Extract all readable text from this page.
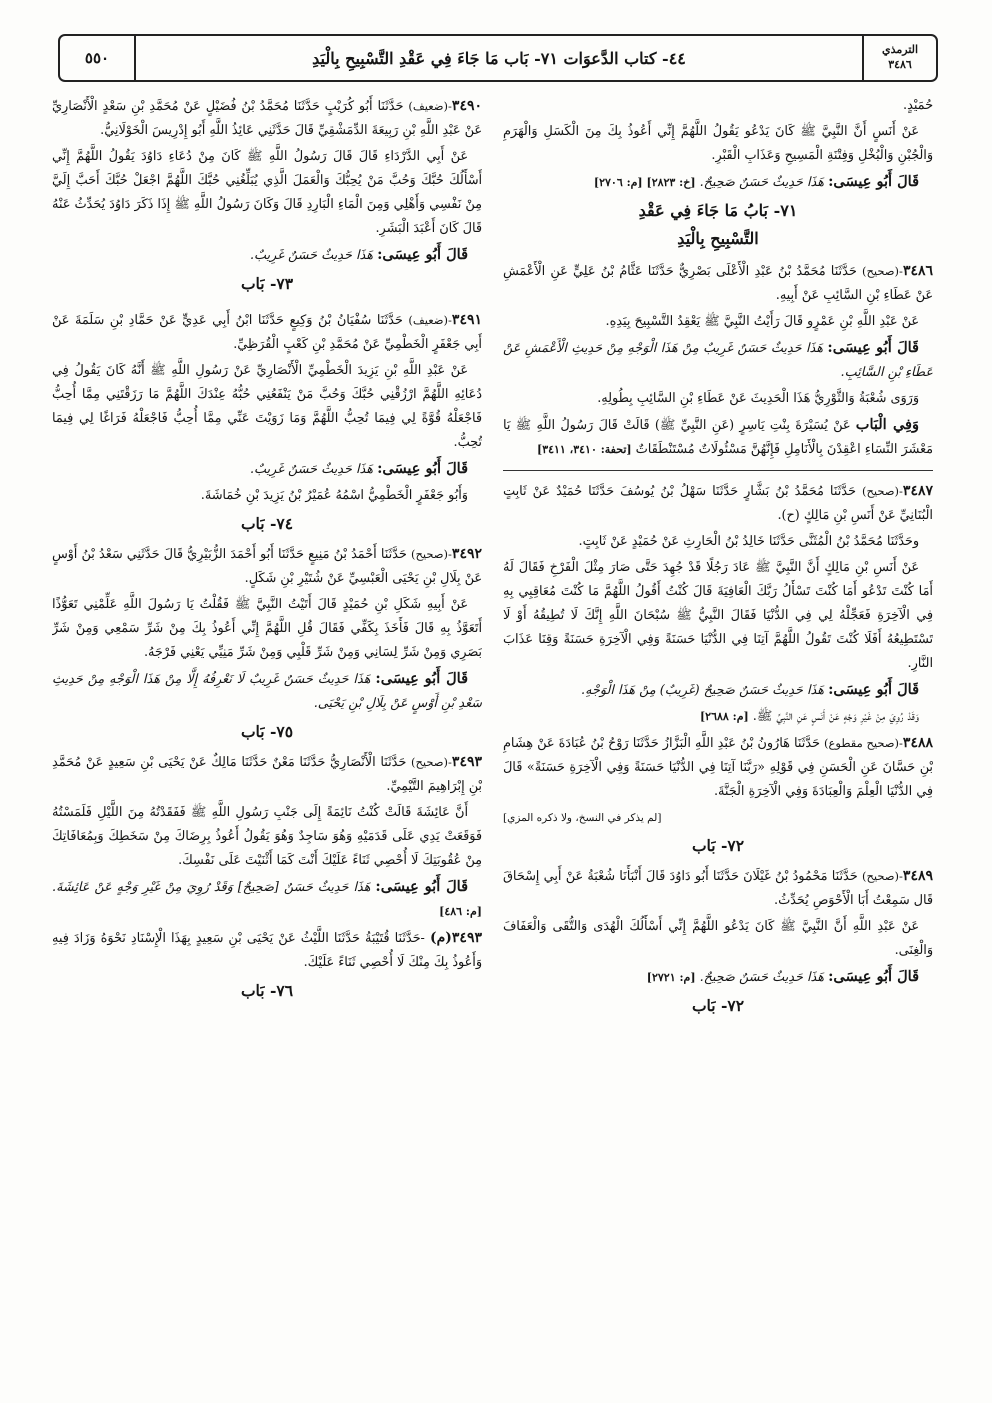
الترمذي
٣٤٨٦
٤٤- كتاب الدَّعوَات ٧١- بَاب مَا جَاءَ فِي عَقْدِ التَّسْبِيحِ بِالْيَدِ
٥٥٠

حُمَيْدٍ.

عَنْ أَنَسٍ أَنَّ النَّبِيَّ ﷺ كَانَ يَدْعُو يَقُولُ اللَّهُمَّ إِنِّي أَعُوذُ بِكَ مِنَ الْكَسَلِ وَالْهَرَمِ وَالْجُبْنِ وَالْبُخْلِ وَفِتْنَةِ الْمَسِيحِ وَعَذَابِ الْقَبْرِ.

قَالَ أَبُو عِيسَى: هَذَا حَدِيثٌ حَسَنٌ صَحِيحٌ. [خ: ٢٨٢٣] [م: ٢٧٠٦]

٧١- بَابُ مَا جَاءَ فِي عَقْدِ
التَّسْبِيحِ بِالْيَدِ

٣٤٨٦-(صحيح) حَدَّثَنَا مُحَمَّدُ بْنُ عَبْدِ الْأَعْلَى بَصْرِيٌّ حَدَّثَنَا عَثَّامُ بْنُ عَلِيٍّ عَنِ الْأَعْمَشِ عَنْ عَطَاءِ بْنِ السَّائِبِ عَنْ أَبِيهِ.

عَنْ عَبْدِ اللَّهِ بْنِ عَمْرٍو قَالَ رَأَيْتُ النَّبِيَّ ﷺ يَعْقِدُ التَّسْبِيحَ بِيَدِهِ.

قَالَ أَبُو عِيسَى: هَذَا حَدِيثٌ حَسَنٌ غَرِيبٌ مِنْ هَذَا الْوَجْهِ مِنْ حَدِيثِ الْأَعْمَشِ عَنْ عَطَاءِ بْنِ السَّائِبِ.

وَرَوَى شُعْبَةُ وَالثَّوْرِيُّ هَذَا الْحَدِيثَ عَنْ عَطَاءِ بْنِ السَّائِبِ بِطُولِهِ.

وَفِي الْبَاب عَنْ يُسَيْرَةَ بِنْتِ يَاسِرٍ (عَنِ النَّبِيِّ ﷺ) قَالَتْ قَالَ رَسُولُ اللَّهِ ﷺ يَا مَعْشَرَ النِّسَاءِ اعْقِدْنَ بِالْأَنَامِلِ فَإِنَّهُنَّ مَسْئُولَاتٌ مُسْتَنْطَقَاتٌ [تحفة: ٣٤١٠، ٣٤١١]

٣٤٨٧-(صحيح) حَدَّثَنَا مُحَمَّدُ بْنُ بَشَّارٍ حَدَّثَنَا سَهْلُ بْنُ يُوسُفَ حَدَّثَنَا حُمَيْدٌ عَنْ ثَابِتٍ الْبُنَانِيِّ عَنْ أَنَسِ بْنِ مَالِكٍ (ح).

وحَدَّثَنَا مُحَمَّدُ بْنُ الْمُثَنَّى حَدَّثَنَا خَالِدُ بْنُ الْحَارِثِ عَنْ حُمَيْدٍ عَنْ ثَابِتٍ.

عَنْ أَنَسِ بْنِ مَالِكٍ أَنَّ النَّبِيَّ ﷺ عَادَ رَجُلًا قَدْ جُهِدَ حَتَّى صَارَ مِثْلَ الْفَرْخِ فَقَالَ لَهُ أَمَا كُنْتَ تَدْعُو أَمَا كُنْتَ تَسْأَلُ رَبَّكَ الْعَافِيَةَ قَالَ كُنْتُ أَقُولُ اللَّهُمَّ مَا كُنْتَ مُعَاقِبِي بِهِ فِي الْآخِرَةِ فَعَجِّلْهُ لِي فِي الدُّنْيَا فَقَالَ النَّبِيُّ ﷺ سُبْحَانَ اللَّهِ إِنَّكَ لَا تُطِيقُهُ أَوْ لَا تَسْتَطِيعُهُ أَفَلَا كُنْتَ تَقُولُ اللَّهُمَّ آتِنَا فِي الدُّنْيَا حَسَنَةً وَفِي الْآخِرَةِ حَسَنَةً وَقِنَا عَذَابَ النَّارِ.

قَالَ أَبُو عِيسَى: هَذَا حَدِيثٌ حَسَنٌ صَحِيحٌ (غَرِيبٌ) مِنْ هَذَا الْوَجْهِ.

وَقَدْ رُوِيَ مِنْ غَيْرِ وَجْهٍ عَنْ أَنَسٍ عَنِ النَّبِيِّ ﷺ. [م: ٢٦٨٨]

٣٤٨٨-(صحيح مقطوع) حَدَّثَنَا هَارُونُ بْنُ عَبْدِ اللَّهِ الْبَزَّازُ حَدَّثَنَا رَوْحُ بْنُ عُبَادَةَ عَنْ هِشَامِ بْنِ حَسَّانَ عَنِ الْحَسَنِ فِي قَوْلِهِ «رَبَّنَا آتِنَا فِي الدُّنْيَا حَسَنَةً وَفِي الْآخِرَةِ حَسَنَةً» قَالَ فِي الدُّنْيَا الْعِلْمَ وَالْعِبَادَةَ وَفِي الْآخِرَةِ الْجَنَّةَ.

[لم يذكر في النسخ، ولا ذكره المزي]

٧٢- بَاب

٣٤٨٩-(صحيح) حَدَّثَنَا مَحْمُودُ بْنُ غَيْلَانَ حَدَّثَنَا أَبُو دَاوُدَ قَالَ أَنْبَأَنَا شُعْبَةُ عَنْ أَبِي إِسْحَاقَ قَال سَمِعْتُ أَبَا الْأَحْوَصِ يُحَدِّثُ.

عَنْ عَبْدِ اللَّهِ أَنَّ النَّبِيَّ ﷺ كَانَ يَدْعُو اللَّهُمَّ إِنِّي أَسْأَلُكَ الْهُدَى وَالتُّقَى وَالْعَفَافَ وَالْغِنَى.

قَالَ أَبُو عِيسَى: هَذَا حَدِيثٌ حَسَنٌ صَحِيحٌ. [م: ٢٧٢١]

٧٢- بَاب

٣٤٩٠-(ضعيف) حَدَّثَنَا أَبُو كُرَيْبٍ حَدَّثَنَا مُحَمَّدُ بْنُ فُضَيْلٍ عَنْ مُحَمَّدِ بْنِ سَعْدٍ الْأَنْصَارِيِّ عَنْ عَبْدِ اللَّهِ بْنِ رَبِيعَةَ الدِّمَشْقِيِّ قَالَ حَدَّثَنِي عَائِذُ اللَّهِ أَبُو إِدْرِيسَ الْخَوْلَانِيُّ.

عَنْ أَبِي الدَّرْدَاءِ قَالَ قَالَ رَسُولُ اللَّهِ ﷺ كَانَ مِنْ دُعَاءِ دَاوُدَ يَقُولُ اللَّهُمَّ إِنِّي أَسْأَلُكَ حُبَّكَ وَحُبَّ مَنْ يُحِبُّكَ وَالْعَمَلَ الَّذِي يُبَلِّغُنِي حُبَّكَ اللَّهُمَّ اجْعَلْ حُبَّكَ أَحَبَّ إِلَيَّ مِنْ نَفْسِي وَأَهْلِي وَمِنَ الْمَاءِ الْبَارِدِ قَالَ وَكَانَ رَسُولُ اللَّهِ ﷺ إِذَا ذَكَرَ دَاوُدَ يُحَدِّثُ عَنْهُ قَالَ كَانَ أَعْبَدَ الْبَشَرِ.

قَالَ أَبُو عِيسَى: هَذَا حَدِيثٌ حَسَنٌ غَرِيبٌ.

٧٣- بَاب

٣٤٩١-(ضعيف) حَدَّثَنَا سُفْيَانُ بْنُ وَكِيعٍ حَدَّثَنَا ابْنُ أَبِي عَدِيٍّ عَنْ حَمَّادِ بْنِ سَلَمَةَ عَنْ أَبِي جَعْفَرٍ الْخَطْمِيِّ عَنْ مُحَمَّدِ بْنِ كَعْبٍ الْقُرَظِيِّ.

عَنْ عَبْدِ اللَّهِ بْنِ يَزِيدَ الْخَطْمِيِّ الْأَنْصَارِيِّ عَنْ رَسُولِ اللَّهِ ﷺ أَنَّهُ كَانَ يَقُولُ فِي دُعَائِهِ اللَّهُمَّ ارْزُقْنِي حُبَّكَ وَحُبَّ مَنْ يَنْفَعُنِي حُبُّهُ عِنْدَكَ اللَّهُمَّ مَا رَزَقْتَنِي مِمَّا أُحِبُّ فَاجْعَلْهُ قُوَّةً لِي فِيمَا تُحِبُّ اللَّهُمَّ وَمَا زَوَيْتَ عَنِّي مِمَّا أُحِبُّ فَاجْعَلْهُ فَرَاغًا لِي فِيمَا تُحِبُّ.

قَالَ أَبُو عِيسَى: هَذَا حَدِيثٌ حَسَنٌ غَرِيبٌ.

وَأَبُو جَعْفَرٍ الْخَطْمِيُّ اسْمُهُ عُمَيْرُ بْنُ يَزِيدَ بْنِ خُمَاشَةَ.

٧٤- بَاب

٣٤٩٢-(صحيح) حَدَّثَنَا أَحْمَدُ بْنُ مَنِيعٍ حَدَّثَنَا أَبُو أَحْمَدَ الزُّبَيْرِيُّ قَالَ حَدَّثَنِي سَعْدُ بْنُ أَوْسٍ عَنْ بِلَالِ بْنِ يَحْيَى الْعَبْسِيِّ عَنْ شُتَيْرِ بْنِ شَكَلٍ.

عَنْ أَبِيهِ شَكَلِ بْنِ حُمَيْدٍ قَالَ أَتَيْتُ النَّبِيَّ ﷺ فَقُلْتُ يَا رَسُولَ اللَّهِ عَلِّمْنِي تَعَوُّذًا أَتَعَوَّذُ بِهِ قَالَ فَأَخَذَ بِكَفِّي فَقَالَ قُلِ اللَّهُمَّ إِنِّي أَعُوذُ بِكَ مِنْ شَرِّ سَمْعِي وَمِنْ شَرِّ بَصَرِي وَمِنْ شَرِّ لِسَانِي وَمِنْ شَرِّ قَلْبِي وَمِنْ شَرِّ مَنِيِّي يَعْنِي فَرْجَهُ.

قَالَ أَبُو عِيسَى: هَذَا حَدِيثٌ حَسَنٌ غَرِيبٌ لَا نَعْرِفُهُ إِلَّا مِنْ هَذَا الْوَجْهِ مِنْ حَدِيثِ سَعْدِ بْنِ أَوْسٍ عَنْ بِلَالِ بْنِ يَحْيَى.

٧٥- بَاب

٣٤٩٣-(صحيح) حَدَّثَنَا الْأَنْصَارِيُّ حَدَّثَنَا مَعْنٌ حَدَّثَنَا مَالِكٌ عَنْ يَحْيَى بْنِ سَعِيدٍ عَنْ مُحَمَّدِ بْنِ إِبْرَاهِيمَ التَّيْمِيِّ.

أَنَّ عَائِشَةَ قَالَتْ كُنْتُ نَائِمَةً إِلَى جَنْبِ رَسُولِ اللَّهِ ﷺ فَفَقَدْتُهُ مِنَ اللَّيْلِ فَلَمَسْتُهُ فَوَقَعَتْ يَدِي عَلَى قَدَمَيْهِ وَهُوَ سَاجِدٌ وَهُوَ يَقُولُ أَعُوذُ بِرِضَاكَ مِنْ سَخَطِكَ وَبِمُعَافَاتِكَ مِنْ عُقُوبَتِكَ لَا أُحْصِي ثَنَاءً عَلَيْكَ أَنْتَ كَمَا أَثْنَيْتَ عَلَى نَفْسِكَ.

قَالَ أَبُو عِيسَى: هَذَا حَدِيثٌ حَسَنٌ [صَحِيحٌ] وَقَدْ رُوِيَ مِنْ غَيْرِ وَجْهٍ عَنْ عَائِشَةَ. [م: ٤٨٦]

٣٤٩٣(م) -حَدَّثَنَا قُتَيْبَةُ حَدَّثَنَا اللَّيْثُ عَنْ يَحْيَى بْنِ سَعِيدٍ بِهَذَا الْإِسْنَادِ نَحْوَهُ وَزَادَ فِيهِ وَأَعُوذُ بِكَ مِنْكَ لَا أُحْصِي ثَنَاءً عَلَيْكَ.

٧٦- بَاب
